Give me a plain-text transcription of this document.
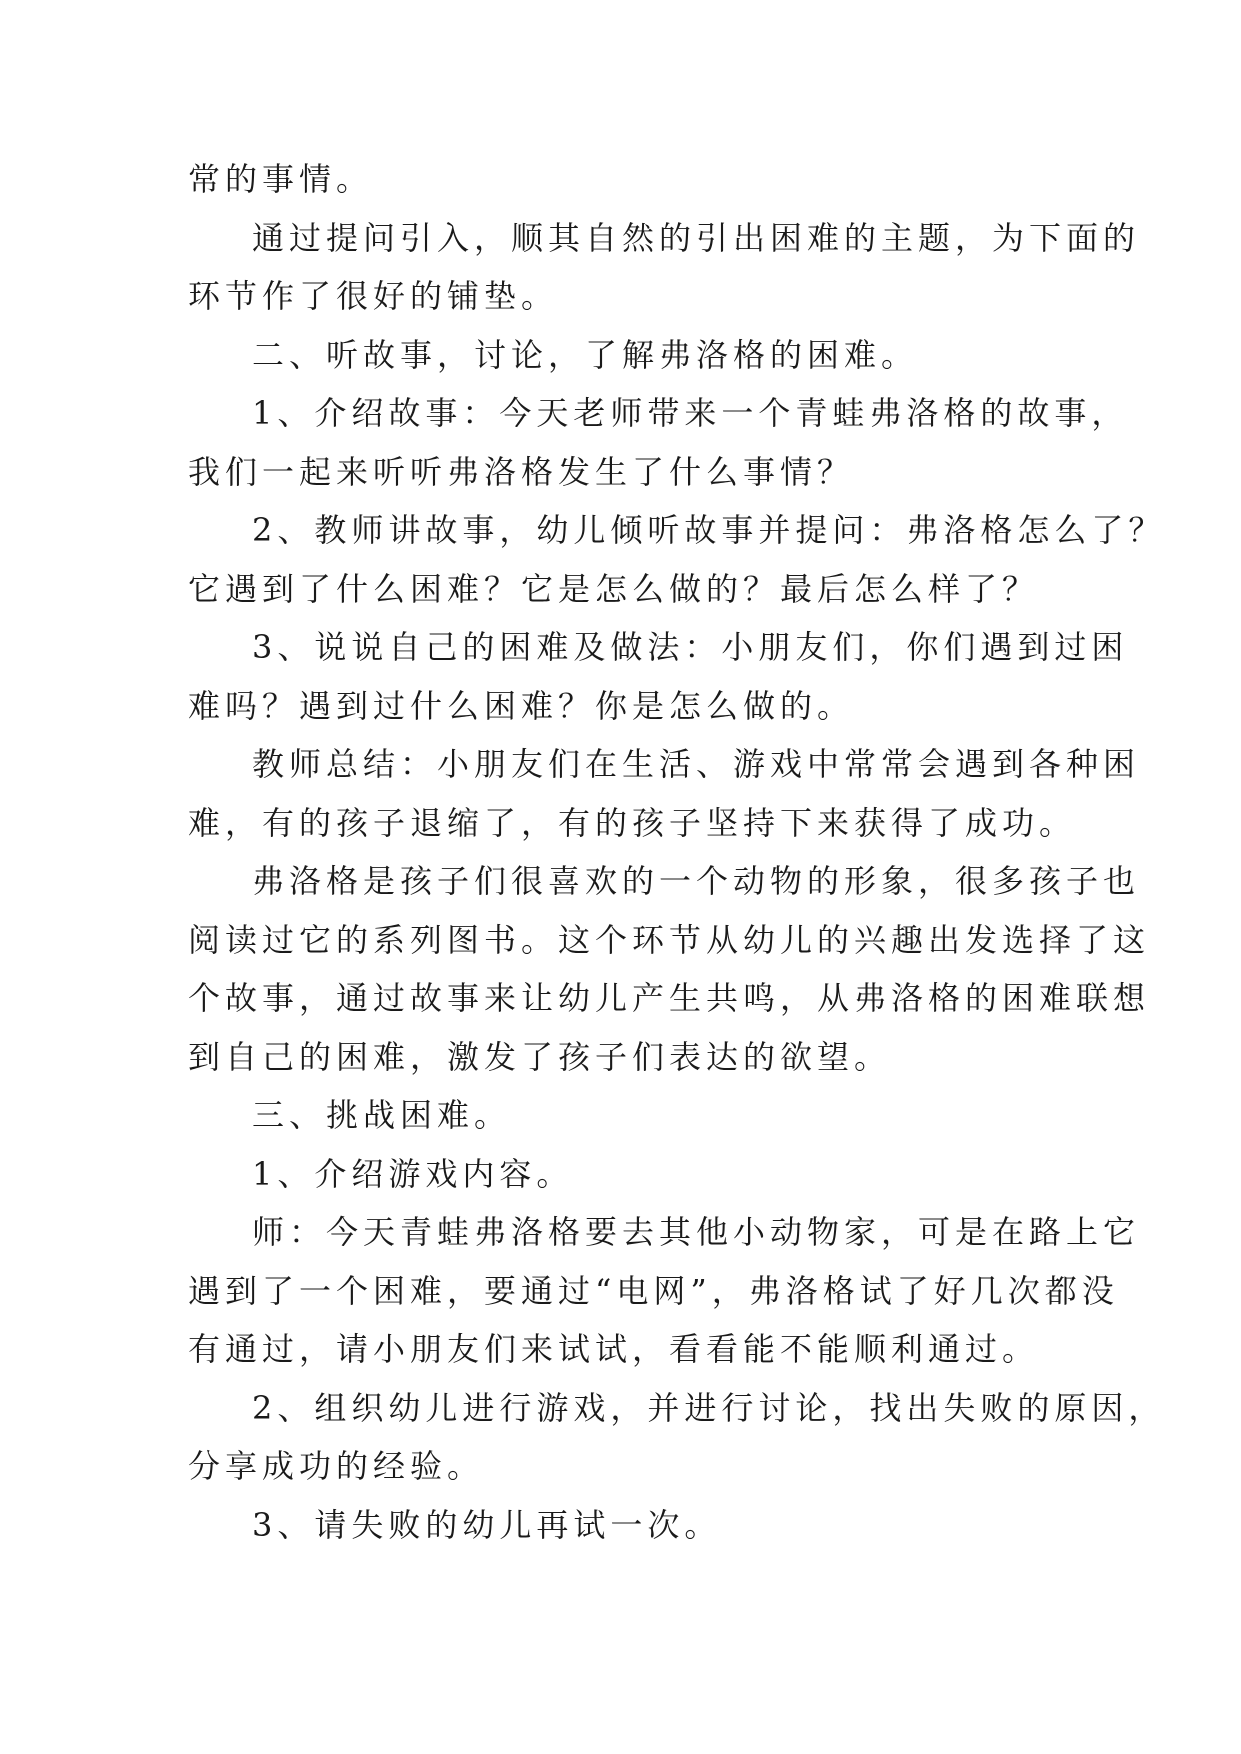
常的事情。
通过提问引入，顺其自然的引出困难的主题，为下面的
环节作了很好的铺垫。
二、听故事，讨论，了解弗洛格的困难。
1、介绍故事：今天老师带来一个青蛙弗洛格的故事，
我们一起来听听弗洛格发生了什么事情？
2、教师讲故事，幼儿倾听故事并提问：弗洛格怎么了？
它遇到了什么困难？它是怎么做的？最后怎么样了？
3、说说自己的困难及做法：小朋友们，你们遇到过困
难吗？遇到过什么困难？你是怎么做的。
教师总结：小朋友们在生活、游戏中常常会遇到各种困
难，有的孩子退缩了，有的孩子坚持下来获得了成功。
弗洛格是孩子们很喜欢的一个动物的形象，很多孩子也
阅读过它的系列图书。这个环节从幼儿的兴趣出发选择了这
个故事，通过故事来让幼儿产生共鸣，从弗洛格的困难联想
到自己的困难，激发了孩子们表达的欲望。
三、挑战困难。
1、介绍游戏内容。
师：今天青蛙弗洛格要去其他小动物家，可是在路上它
遇到了一个困难，要通过“电网”，弗洛格试了好几次都没
有通过，请小朋友们来试试，看看能不能顺利通过。
2、组织幼儿进行游戏，并进行讨论，找出失败的原因，
分享成功的经验。
3、请失败的幼儿再试一次。
